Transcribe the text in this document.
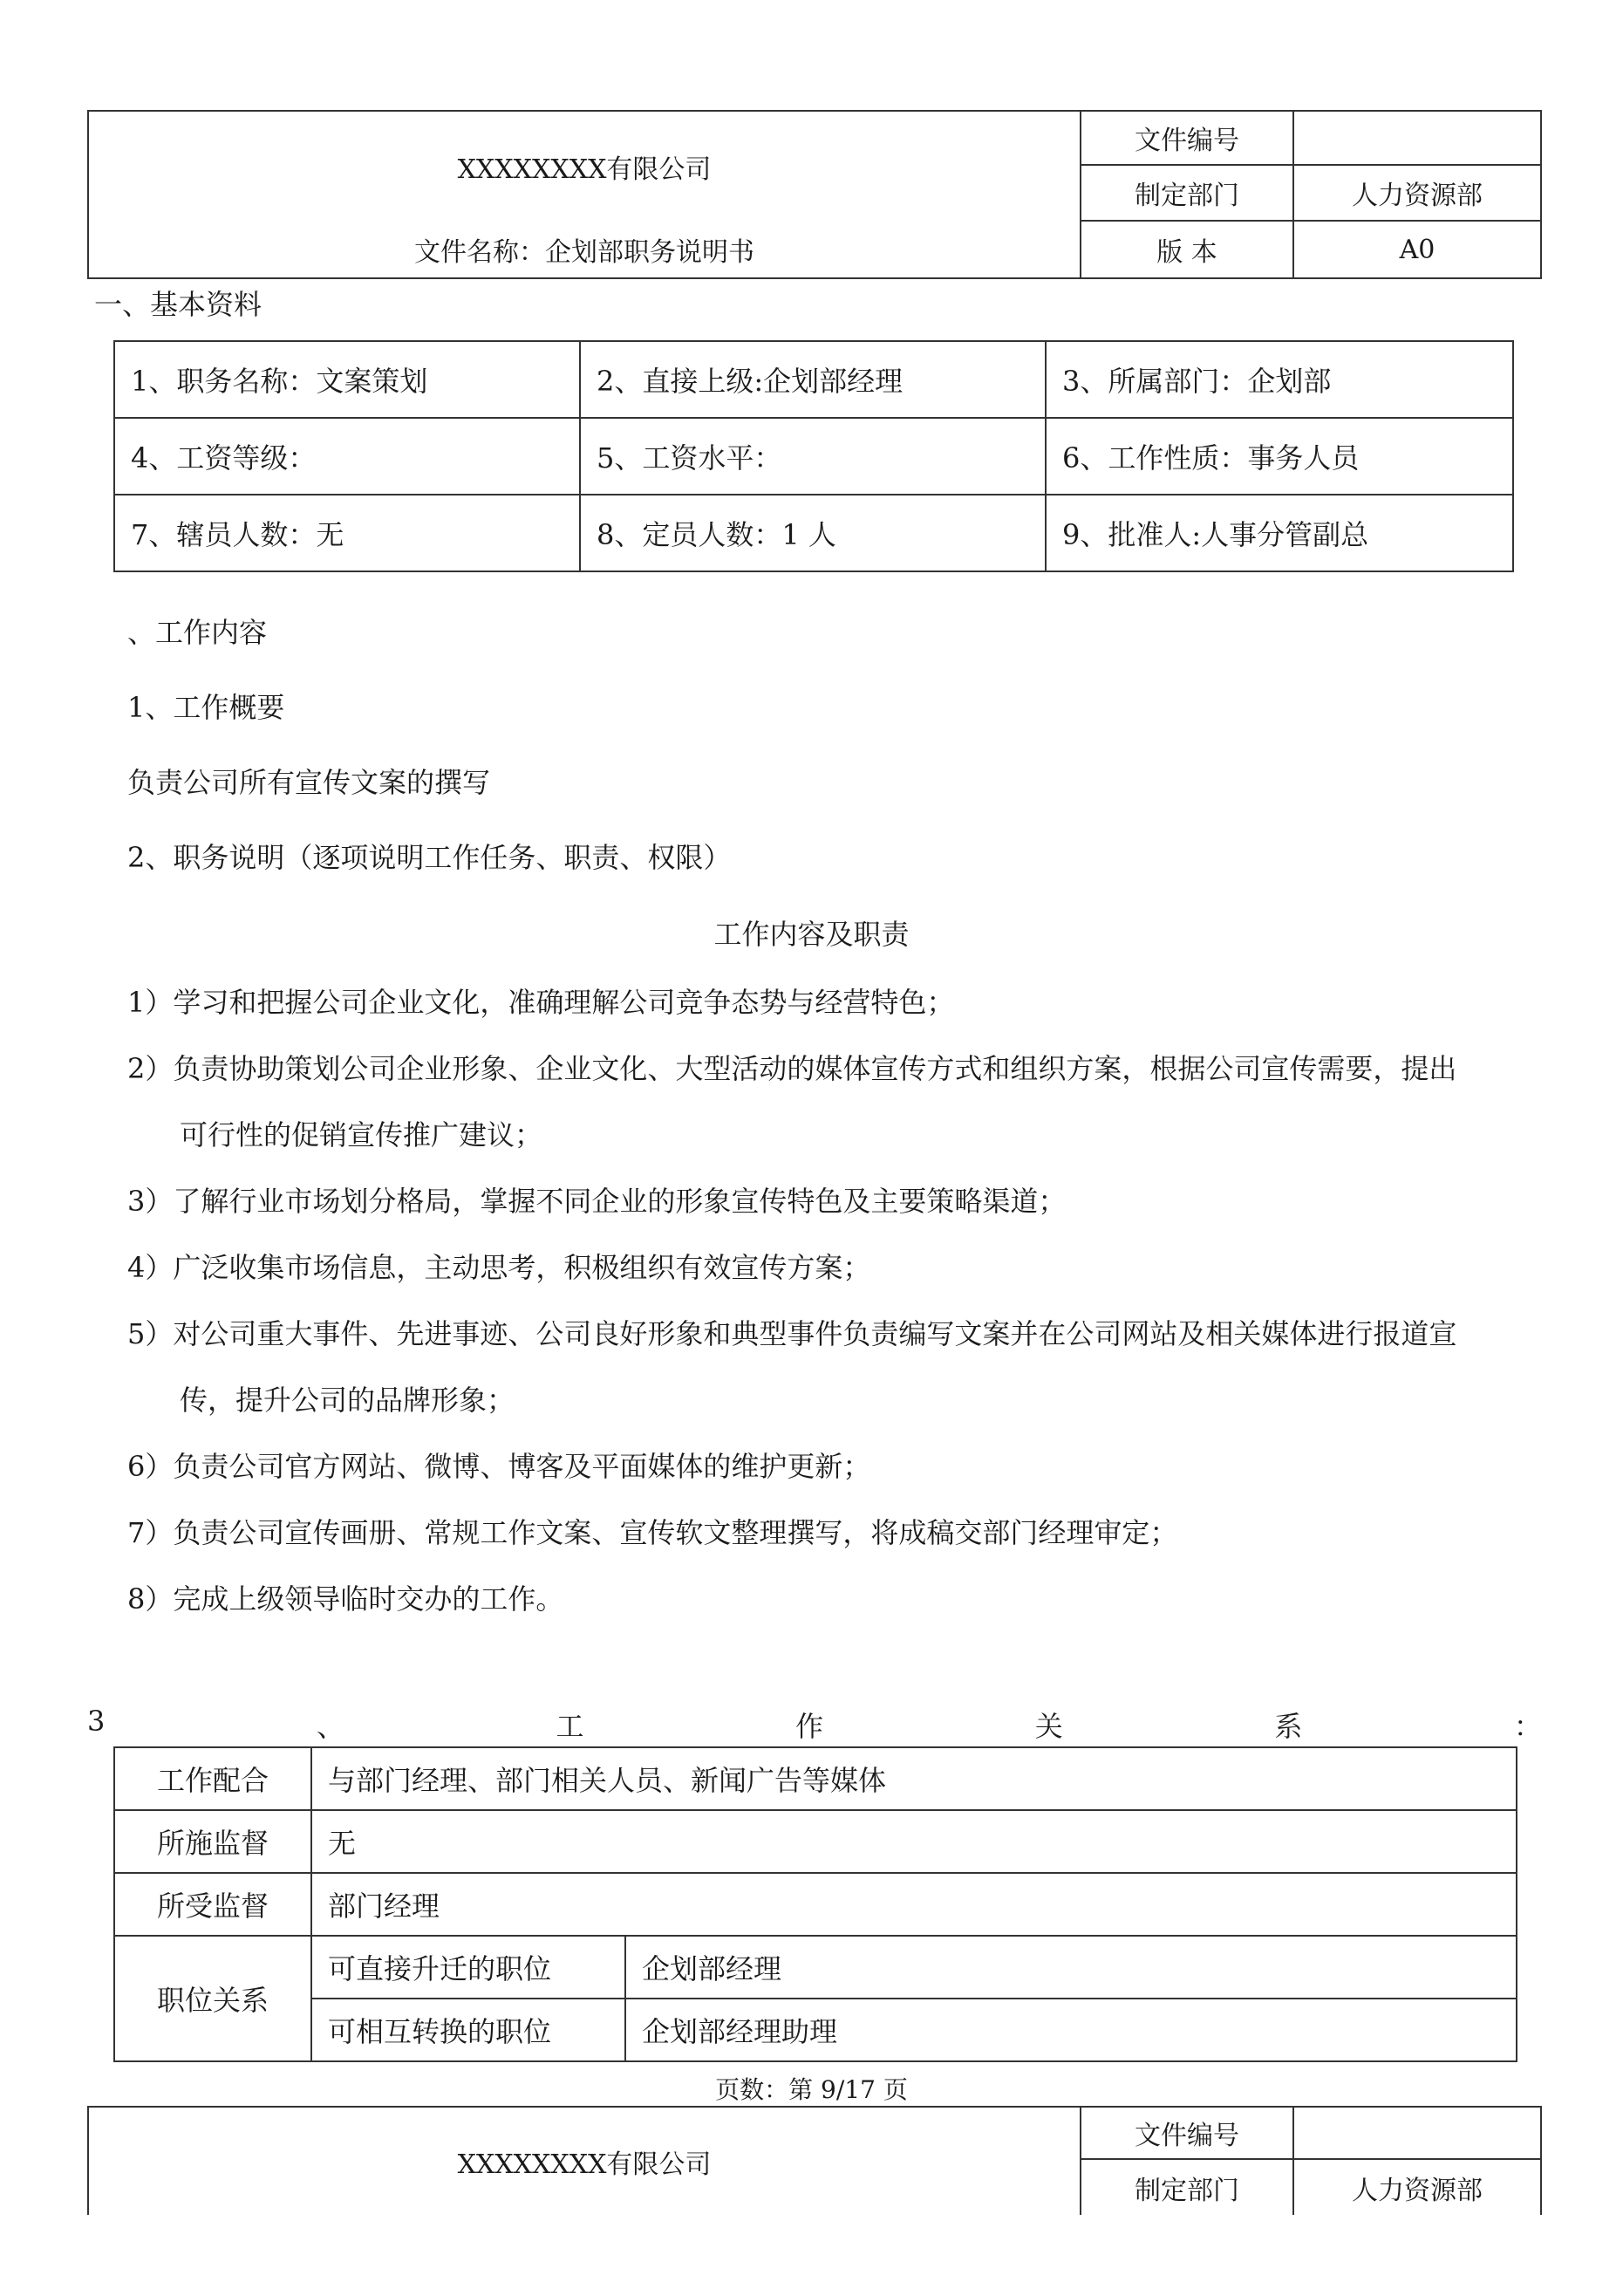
XXXXXXXX有限公司	文件编号	
	制定部门	人力资源部
文件名称：企划部职务说明书	版 本	A0
一、基本资料
1、职务名称：文案策划	2、直接上级:企划部经理	3、所属部门：企划部
4、工资等级：	5、工资水平：	6、工作性质：事务人员
7、辖员人数：无	8、定员人数：1 人	9、批准人:人事分管副总
、工作内容
1、工作概要
负责公司所有宣传文案的撰写
2、职务说明（逐项说明工作任务、职责、权限）
工作内容及职责
1）学习和把握公司企业文化，准确理解公司竞争态势与经营特色；
2）负责协助策划公司企业形象、企业文化、大型活动的媒体宣传方式和组织方案，根据公司宣传需要，提出
可行性的促销宣传推广建议；
3）了解行业市场划分格局，掌握不同企业的形象宣传特色及主要策略渠道；
4）广泛收集市场信息，主动思考，积极组织有效宣传方案；
5）对公司重大事件、先进事迹、公司良好形象和典型事件负责编写文案并在公司网站及相关媒体进行报道宣
传，提升公司的品牌形象；
6）负责公司官方网站、微博、博客及平面媒体的维护更新；
7）负责公司宣传画册、常规工作文案、宣传软文整理撰写，将成稿交部门经理审定；
8）完成上级领导临时交办的工作。
3	、	工	作	关	系	：
工作配合	与部门经理、部门相关人员、新闻广告等媒体	
所施监督	无	
所受监督	部门经理	
职位关系	可直接升迁的职位	企划部经理
	可相互转换的职位	企划部经理助理
页数：第 9/17 页
XXXXXXXX有限公司	文件编号	
	制定部门	人力资源部
